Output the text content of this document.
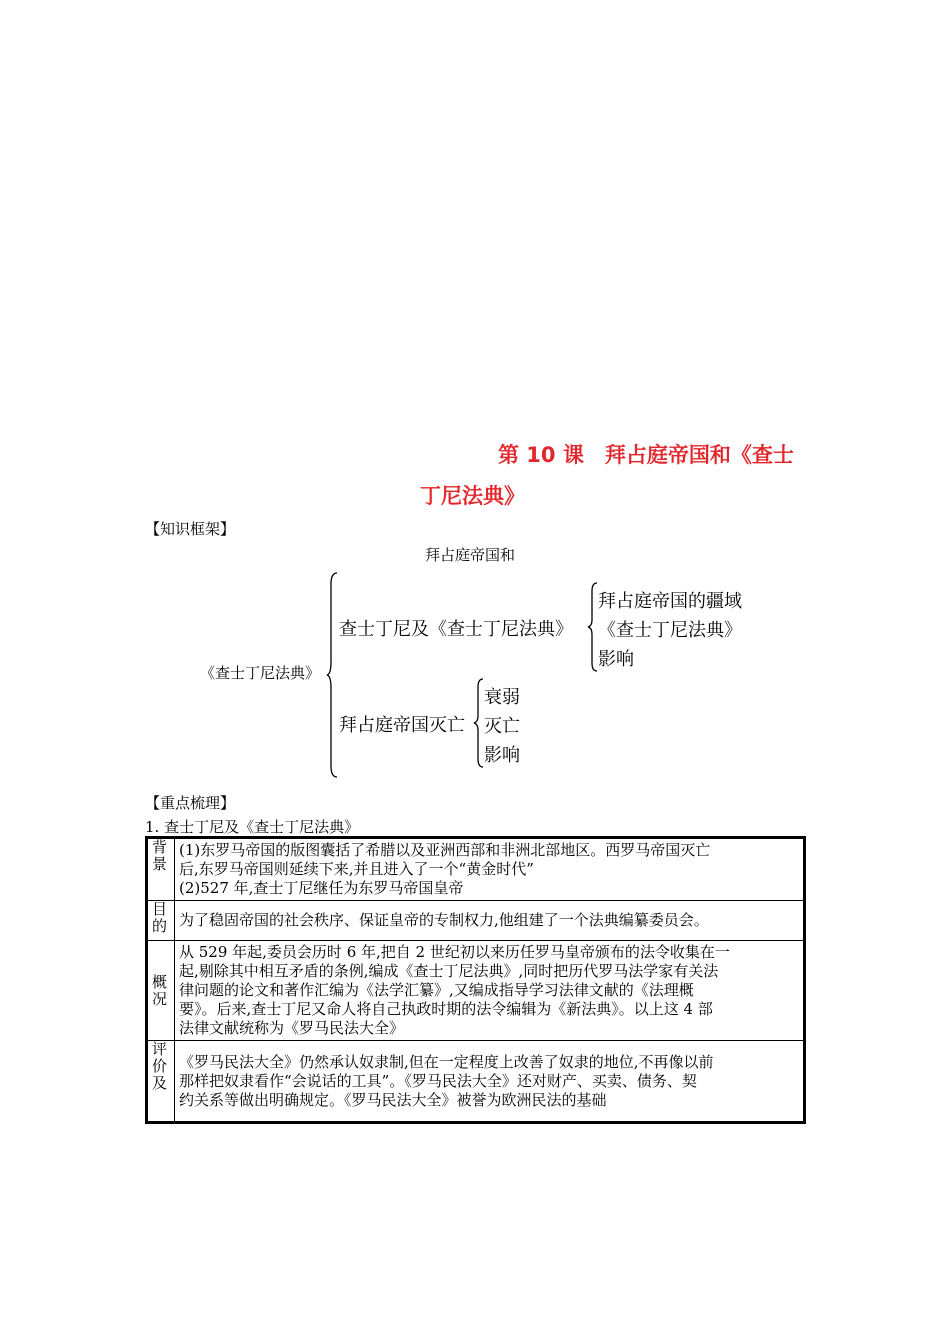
第 10 课　拜占庭帝国和《查士
丁尼法典》
【知识框架】
拜占庭帝国和
《查士丁尼法典》
查士丁尼及《查士丁尼法典》
拜占庭帝国的疆域
《查士丁尼法典》
影响
拜占庭帝国灭亡
衰弱
灭亡
影响
【重点梳理】
1. 查士丁尼及《查士丁尼法典》
背
景	(1)东罗马帝国的版图囊括了希腊以及亚洲西部和非洲北部地区。西罗马帝国灭亡
后,东罗马帝国则延续下来,并且进入了一个“黄金时代”
(2)527 年,查士丁尼继任为东罗马帝国皇帝

目
的	为了稳固帝国的社会秩序、保证皇帝的专制权力,他组建了一个法典编纂委员会。

概
况	从 529 年起,委员会历时 6 年,把自 2 世纪初以来历任罗马皇帝颁布的法令收集在一
起,剔除其中相互矛盾的条例,编成《查士丁尼法典》,同时把历代罗马法学家有关法
律问题的论文和著作汇编为《法学汇纂》,又编成指导学习法律文献的《法理概
要》。后来,查士丁尼又命人将自己执政时期的法令编辑为《新法典》。以上这 4 部
法律文献统称为《罗马民法大全》

评
价
及	《罗马民法大全》仍然承认奴隶制,但在一定程度上改善了奴隶的地位,不再像以前
那样把奴隶看作“会说话的工具”。《罗马民法大全》还对财产、买卖、债务、契
约关系等做出明确规定。《罗马民法大全》被誉为欧洲民法的基础
